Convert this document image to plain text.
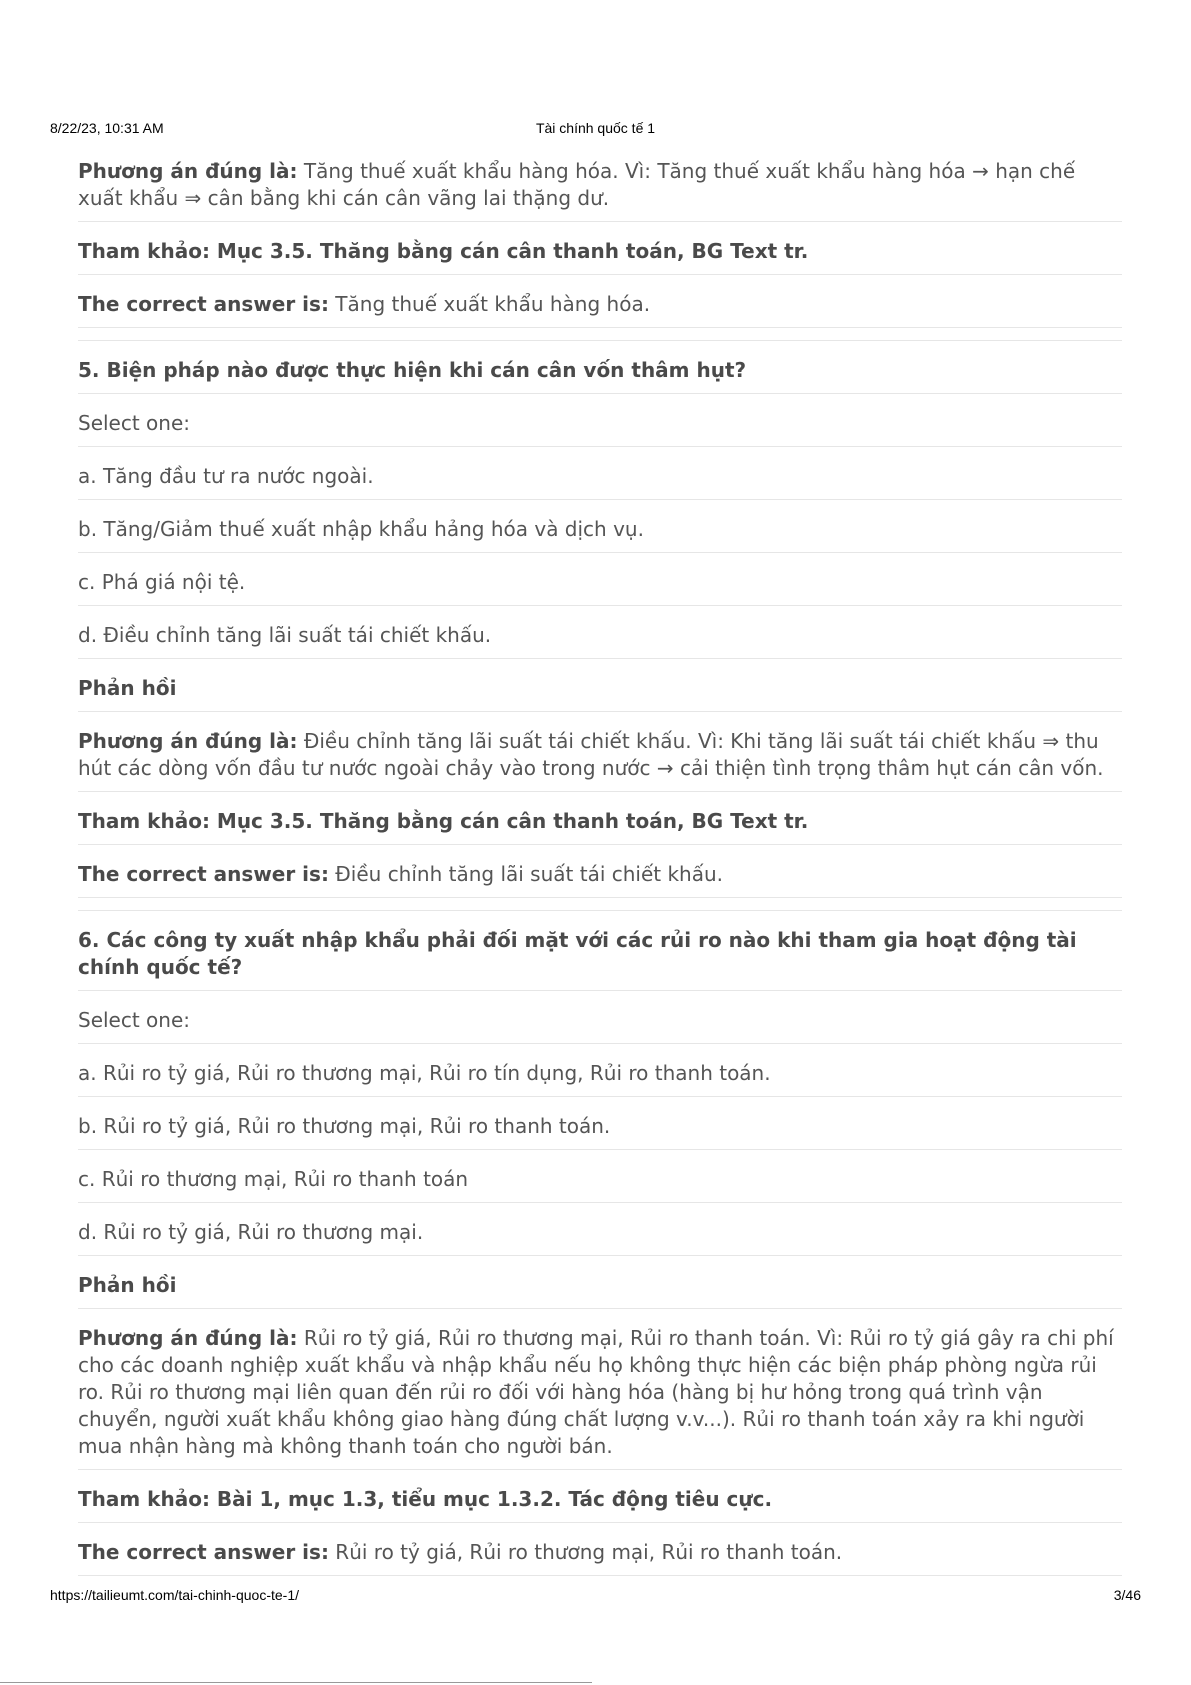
8/22/23, 10:31 AM	Tài chính quốc tế 1
Phương án đúng là: Tăng thuế xuất khẩu hàng hóa. Vì: Tăng thuế xuất khẩu hàng hóa → hạn chế xuất khẩu ⇒ cân bằng khi cán cân vãng lai thặng dư.
Tham khảo: Mục 3.5. Thăng bằng cán cân thanh toán, BG Text tr.
The correct answer is: Tăng thuế xuất khẩu hàng hóa.
5. Biện pháp nào được thực hiện khi cán cân vốn thâm hụt?
Select one:
a. Tăng đầu tư ra nước ngoài.
b. Tăng/Giảm thuế xuất nhập khẩu hảng hóa và dịch vụ.
c. Phá giá nội tệ.
d. Điều chỉnh tăng lãi suất tái chiết khấu.
Phản hồi
Phương án đúng là: Điều chỉnh tăng lãi suất tái chiết khấu. Vì: Khi tăng lãi suất tái chiết khấu ⇒ thu hút các dòng vốn đầu tư nước ngoài chảy vào trong nước → cải thiện tình trọng thâm hụt cán cân vốn.
Tham khảo: Mục 3.5. Thăng bằng cán cân thanh toán, BG Text tr.
The correct answer is: Điều chỉnh tăng lãi suất tái chiết khấu.
6. Các công ty xuất nhập khẩu phải đối mặt với các rủi ro nào khi tham gia hoạt động tài chính quốc tế?
Select one:
a. Rủi ro tỷ giá, Rủi ro thương mại, Rủi ro tín dụng, Rủi ro thanh toán.
b. Rủi ro tỷ giá, Rủi ro thương mại, Rủi ro thanh toán.
c. Rủi ro thương mại, Rủi ro thanh toán
d. Rủi ro tỷ giá, Rủi ro thương mại.
Phản hồi
Phương án đúng là: Rủi ro tỷ giá, Rủi ro thương mại, Rủi ro thanh toán. Vì: Rủi ro tỷ giá gây ra chi phí cho các doanh nghiệp xuất khẩu và nhập khẩu nếu họ không thực hiện các biện pháp phòng ngừa rủi ro. Rủi ro thương mại liên quan đến rủi ro đối với hàng hóa (hàng bị hư hỏng trong quá trình vận chuyển, người xuất khẩu không giao hàng đúng chất lượng v.v...). Rủi ro thanh toán xảy ra khi người mua nhận hàng mà không thanh toán cho người bán.
Tham khảo: Bài 1, mục 1.3, tiểu mục 1.3.2. Tác động tiêu cực.
The correct answer is: Rủi ro tỷ giá, Rủi ro thương mại, Rủi ro thanh toán.
https://tailieumt.com/tai-chinh-quoc-te-1/	3/46
